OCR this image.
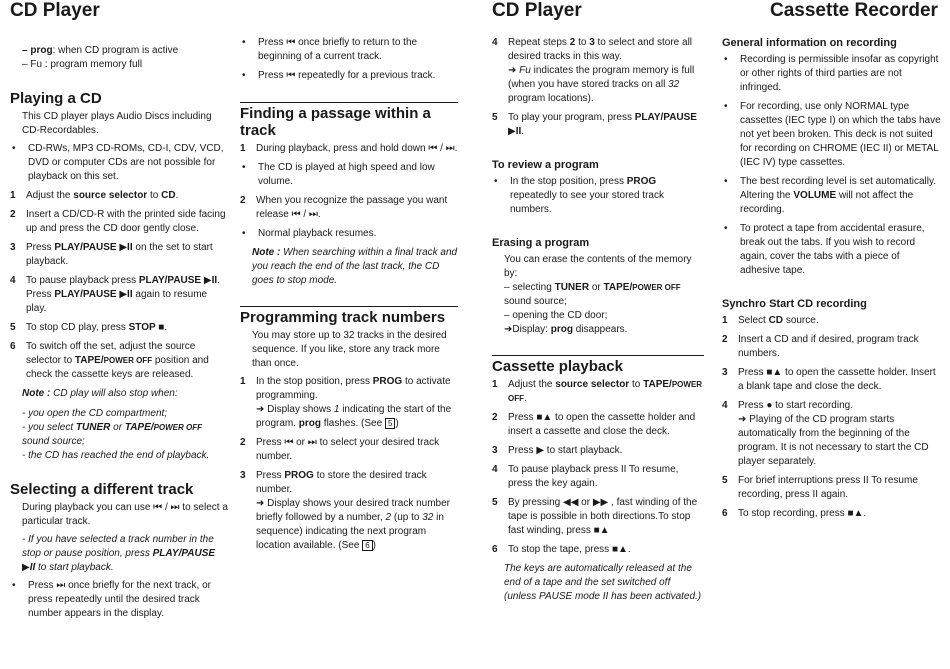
CD Player	CD Player	Cassette Recorder

– prog: when CD program is active

– Fu : program memory full

Playing a CD

This CD player plays Audio Discs including CD-Recordables.

•	CD-RWs, MP3 CD-ROMs, CD-I, CDV, VCD, DVD or computer CDs are not possible for playback on this set.
1	Adjust the source selector to CD.
2	Insert a CD/CD-R with the printed side facing up and press the CD door gently close.
3	Press PLAY/PAUSE ▶II on the set to start playback.
4	To pause playback press PLAY/PAUSE ▶II. Press PLAY/PAUSE ▶II again to resume play.
5	To stop CD play, press STOP ■.
6	To switch off the set, adjust the source selector to TAPE/POWER OFF position and check the cassette keys are released.

Note : CD play will also stop when:

- you open the CD compartment;

- you select TUNER or TAPE/POWER OFF sound source;

- the CD has reached the end of playback.

Selecting a different track

During playback you can use ⏮ / ⏭ to select a particular track.

- If you have selected a track number in the stop or pause position, press PLAY/PAUSE ▶II to start playback.

•	Press ⏭ once briefly for the next track, or press repeatedly until the desired track number appears in the display.
•	Press ⏮ once briefly to return to the beginning of a current track.
•	Press ⏮ repeatedly for a previous track.
Finding a passage within a track
1	During playback, press and hold down ⏮ / ⏭.
•	The CD is played at high speed and low volume.
2	When you recognize the passage you want release ⏮ / ⏭.
•	Normal playback resumes.

Note : When searching within a final track and you reach the end of the last track, the CD goes to stop mode.

Programming track numbers

You may store up to 32 tracks in the desired sequence. If you like, store any track more than once.

1	In the stop position, press PROG to activate programming.
➜ Display shows 1 indicating the start of the program. prog flashes. (See 5 )
2	Press ⏮ or ⏭ to select your desired track number.
3	Press PROG to store the desired track number.
➜ Display shows your desired track number briefly followed by a number, 2 (up to 32 in sequence) indicating the next program location available. (See 6 )
4	Repeat steps 2 to 3 to select and store all desired tracks in this way.
➜ Fu indicates the program memory is full (when you have stored tracks on all 32 program locations).
5	To play your program, press PLAY/PAUSE ▶II.
To review a program
•	In the stop position, press PROG repeatedly to see your stored track numbers.
Erasing a program

You can erase the contents of the memory by:

– selecting TUNER or TAPE/POWER OFF sound source;

– opening the CD door;

➜Display: prog disappears.

Cassette playback
1	Adjust the source selector to TAPE/POWER OFF.
2	Press ■▲ to open the cassette holder and insert a cassette and close the deck.
3	Press ▶ to start playback.
4	To pause playback press II To resume, press the key again.
5	By pressing ◀◀ or ▶▶ , fast winding of the tape is possible in both directions.To stop fast winding, press ■▲
6	To stop the tape, press ■▲.

The keys are automatically released at the end of a tape and the set switched off (unless PAUSE mode II has been activated.)

General information on recording
•	Recording is permissible insofar as copyright or other rights of third parties are not infringed.
•	For recording, use only NORMAL type cassettes (IEC type I) on which the tabs have not yet been broken. This deck is not suited for recording on CHROME (IEC II) or METAL (IEC IV) type cassettes.
•	The best recording level is set automatically. Altering the VOLUME will not affect the recording.
•	To protect a tape from accidental erasure, break out the tabs. If you wish to record again, cover the tabs with a piece of adhesive tape.
Synchro Start CD recording
1	Select CD source.
2	Insert a CD and if desired, program track numbers.
3	Press ■▲ to open the cassette holder. Insert a blank tape and close the deck.
4	Press ● to start recording.
➜ Playing of the CD program starts automatically from the beginning of the program. It is not necessary to start the CD player separately.
5	For brief interruptions press II To resume recording, press II again.
6	To stop recording, press ■▲.
